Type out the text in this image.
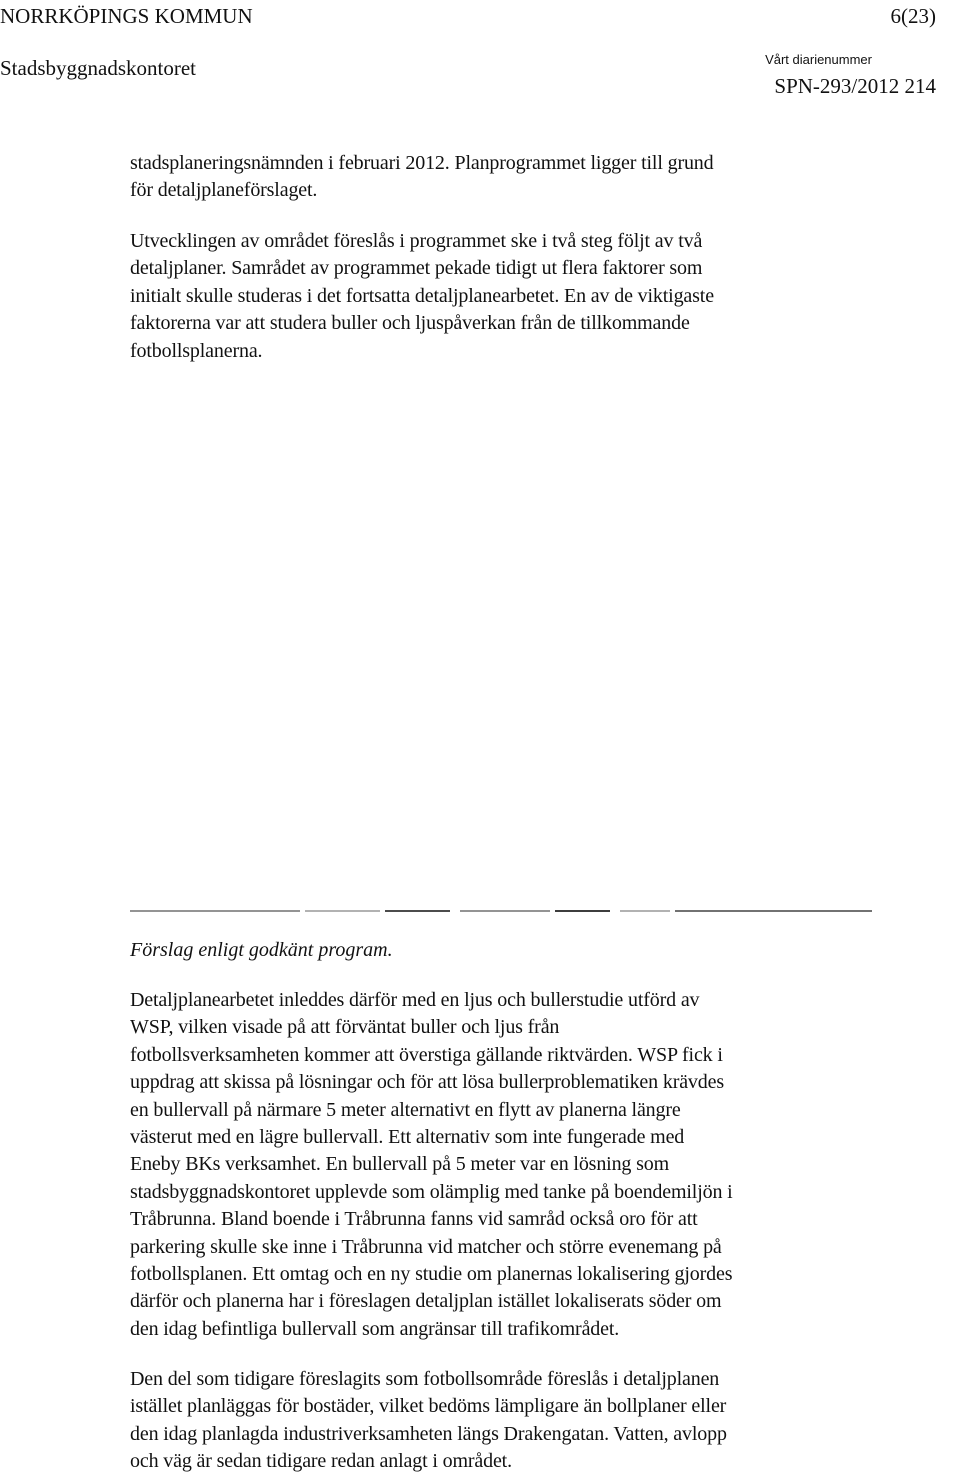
NORRKÖPINGS KOMMUN	6(23)
Stadsbyggnadskontoret	Vårt diarienummer
SPN-293/2012 214
stadsplaneringsnämnden i februari 2012. Planprogrammet ligger till grund
för detaljplaneförslaget.
Utvecklingen av området föreslås i programmet ske i två steg följt av två
detaljplaner. Samrådet av programmet pekade tidigt ut flera faktorer som
initialt skulle studeras i det fortsatta detaljplanearbetet. En av de viktigaste
faktorerna var att studera buller och ljuspåverkan från de tillkommande
fotbollsplanerna.

Förslag enligt godkänt program.

Detaljplanearbetet inleddes därför med en ljus och bullerstudie utförd av
WSP, vilken visade på att förväntat buller och ljus från
fotbollsverksamheten kommer att överstiga gällande riktvärden. WSP fick i
uppdrag att skissa på lösningar och för att lösa bullerproblematiken krävdes
en bullervall på närmare 5 meter alternativt en flytt av planerna längre
västerut med en lägre bullervall. Ett alternativ som inte fungerade med
Eneby BKs verksamhet. En bullervall på 5 meter var en lösning som
stadsbyggnadskontoret upplevde som olämplig med tanke på boendemiljön i
Tråbrunna. Bland boende i Tråbrunna fanns vid samråd också oro för att
parkering skulle ske inne i Tråbrunna vid matcher och större evenemang på
fotbollsplanen. Ett omtag och en ny studie om planernas lokalisering gjordes
därför och planerna har i föreslagen detaljplan istället lokaliserats söder om
den idag befintliga bullervall som angränsar till trafikområdet.
Den del som tidigare föreslagits som fotbollsområde föreslås i detaljplanen
istället planläggas för bostäder, vilket bedöms lämpligare än bollplaner eller
den idag planlagda industriverksamheten längs Drakengatan. Vatten, avlopp
och väg är sedan tidigare redan anlagt i området.
